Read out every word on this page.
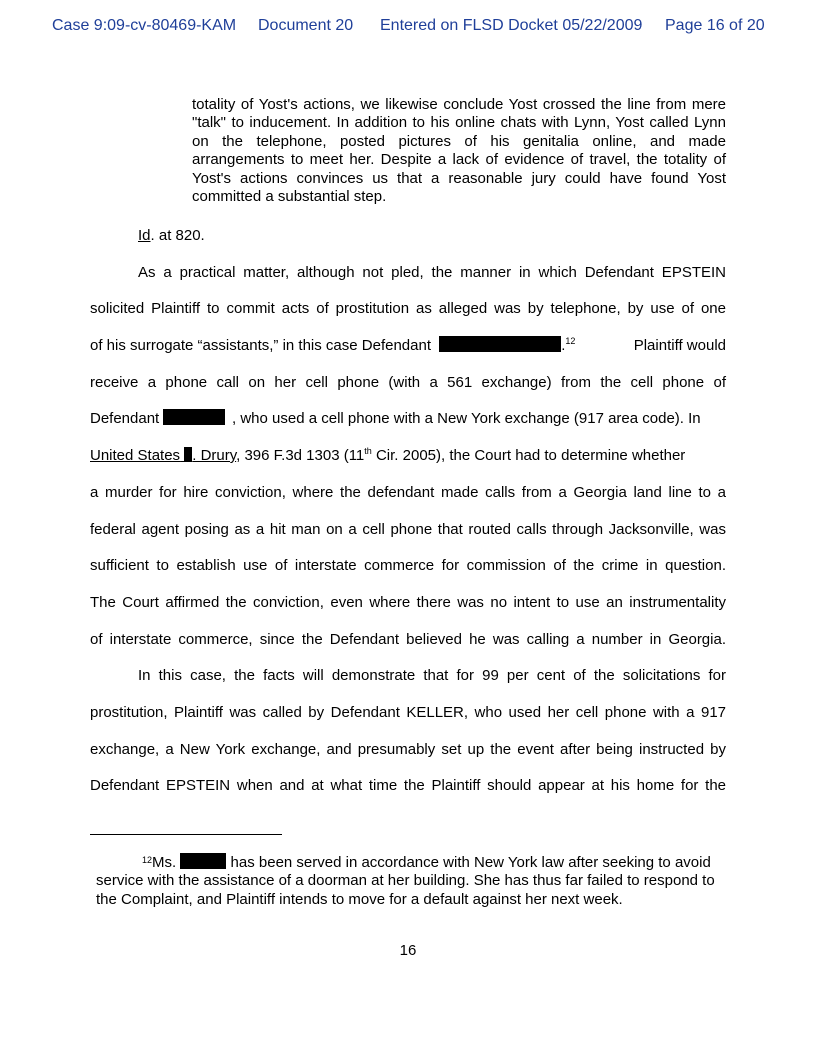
Case 9:09-cv-80469-KAM Document 20 Entered on FLSD Docket 05/22/2009 Page 16 of 20

totality of Yost's actions, we likewise conclude Yost crossed the line from mere "talk" to inducement. In addition to his online chats with Lynn, Yost called Lynn on the telephone, posted pictures of his genitalia online, and made arrangements to meet her. Despite a lack of evidence of travel, the totality of Yost's actions convinces us that a reasonable jury could have found Yost committed a substantial step.

Id. at 820.
As a practical matter, although not pled, the manner in which Defendant EPSTEIN
solicited Plaintiff to commit acts of prostitution as alleged was by telephone, by use of one
of his surrogate “assistants,” in this case Defendant	.$^{12}$	Plaintiff would
receive a phone call on her cell phone (with a 561 exchange) from the cell phone of
Defendant	, who used a cell phone with a New York exchange (917 area code). In
United States . Drury, 396 F.3d 1303 (11th Cir. 2005), the Court had to determine whether
a murder for hire conviction, where the defendant made calls from a Georgia land line to a
federal agent posing as a hit man on a cell phone that routed calls through Jacksonville, was
sufficient to establish use of interstate commerce for commission of the crime in question.
The Court affirmed the conviction, even where there was no intent to use an instrumentality
of interstate commerce, since the Defendant believed he was calling a number in Georgia.
In this case, the facts will demonstrate that for 99 per cent of the solicitations for
prostitution, Plaintiff was called by Defendant KELLER, who used her cell phone with a 917
exchange, a New York exchange, and presumably set up the event after being instructed by
Defendant EPSTEIN when and at what time the Plaintiff should appear at his home for the
$^{12}$Ms.	has been served in accordance with New York law after seeking to avoid service with the assistance of a doorman at her building. She has thus far failed to respond to the Complaint, and Plaintiff intends to move for a default against her next week.
16
